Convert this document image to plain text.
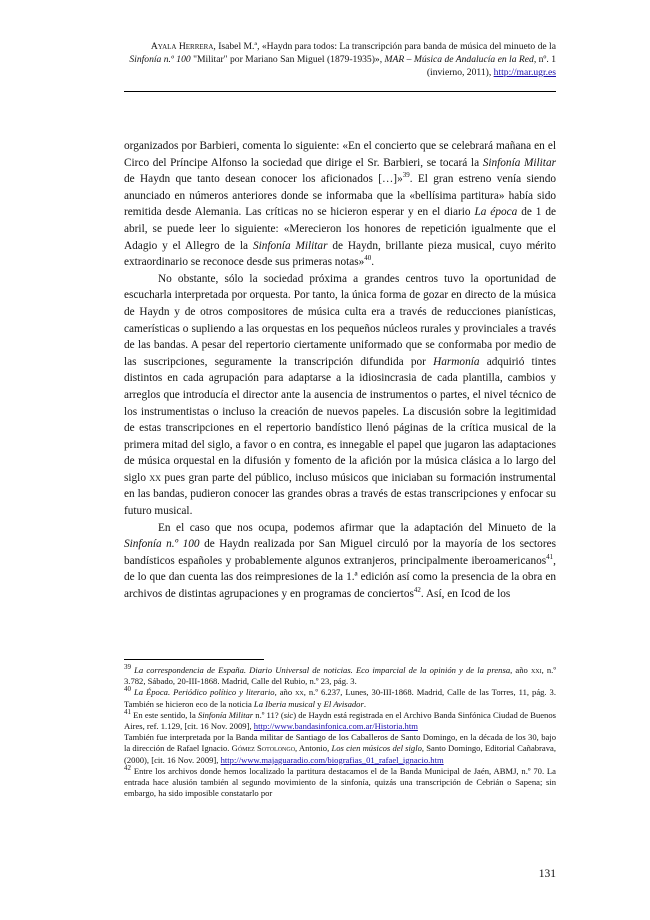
Ayala Herrera, Isabel M.ª, «Haydn para todos: La transcripción para banda de música del minueto de la Sinfonía n.º 100 "Militar" por Mariano San Miguel (1879-1935)», MAR – Música de Andalucía en la Red, nº. 1 (invierno, 2011), http://mar.ugr.es

organizados por Barbieri, comenta lo siguiente: «En el concierto que se celebrará mañana en el Circo del Príncipe Alfonso la sociedad que dirige el Sr. Barbieri, se tocará la Sinfonía Militar de Haydn que tanto desean conocer los aficionados […]»$^{39}$. El gran estreno venía siendo anunciado en números anteriores donde se informaba que la «bellísima partitura» había sido remitida desde Alemania. Las críticas no se hicieron esperar y en el diario La época de 1 de abril, se puede leer lo siguiente: «Merecieron los honores de repetición igualmente que el Adagio y el Allegro de la Sinfonía Militar de Haydn, brillante pieza musical, cuyo mérito extraordinario se reconoce desde sus primeras notas»$^{40}$.

No obstante, sólo la sociedad próxima a grandes centros tuvo la oportunidad de escucharla interpretada por orquesta. Por tanto, la única forma de gozar en directo de la música de Haydn y de otros compositores de música culta era a través de reducciones pianísticas, camerísticas o supliendo a las orquestas en los pequeños núcleos rurales y provinciales a través de las bandas. A pesar del repertorio ciertamente uniformado que se conformaba por medio de las suscripciones, seguramente la transcripción difundida por Harmonía adquirió tintes distintos en cada agrupación para adaptarse a la idiosincrasia de cada plantilla, cambios y arreglos que introducía el director ante la ausencia de instrumentos o partes, el nivel técnico de los instrumentistas o incluso la creación de nuevos papeles. La discusión sobre la legitimidad de estas transcripciones en el repertorio bandístico llenó páginas de la crítica musical de la primera mitad del siglo, a favor o en contra, es innegable el papel que jugaron las adaptaciones de música orquestal en la difusión y fomento de la afición por la música clásica a lo largo del siglo xx pues gran parte del público, incluso músicos que iniciaban su formación instrumental en las bandas, pudieron conocer las grandes obras a través de estas transcripciones y enfocar su futuro musical.

En el caso que nos ocupa, podemos afirmar que la adaptación del Minueto de la Sinfonía n.º 100 de Haydn realizada por San Miguel circuló por la mayoría de los sectores bandísticos españoles y probablemente algunos extranjeros, principalmente iberoamericanos$^{41}$, de lo que dan cuenta las dos reimpresiones de la 1.ª edición así como la presencia de la obra en archivos de distintas agrupaciones y en programas de conciertos$^{42}$. Así, en Icod de los

$^{39}$ La correspondencia de España. Diario Universal de noticias. Eco imparcial de la opinión y de la prensa, año xxi, n.º 3.782, Sábado, 20-III-1868. Madrid, Calle del Rubio, n.º 23, pág. 3.

$^{40}$ La Época. Periódico político y literario, año xx, n.º 6.237, Lunes, 30-III-1868. Madrid, Calle de las Torres, 11, pág. 3. También se hicieron eco de la noticia La Iberia musical y El Avisador.

$^{41}$ En este sentido, la Sinfonía Militar n.º 11? (sic) de Haydn está registrada en el Archivo Banda Sinfónica Ciudad de Buenos Aires, ref. 1.129, [cit. 16 Nov. 2009], http://www.bandasinfonica.com.ar/Historia.htm

También fue interpretada por la Banda militar de Santiago de los Caballeros de Santo Domingo, en la década de los 30, bajo la dirección de Rafael Ignacio. Gómez Sotolongo, Antonio, Los cien músicos del siglo, Santo Domingo, Editorial Cañabrava, (2000), [cit. 16 Nov. 2009], http://www.majaguaradio.com/biografias_01_rafael_ignacio.htm

$^{42}$ Entre los archivos donde hemos localizado la partitura destacamos el de la Banda Municipal de Jaén, ABMJ, n.º 70. La entrada hace alusión también al segundo movimiento de la sinfonía, quizás una transcripción de Cebrián o Sapena; sin embargo, ha sido imposible constatarlo por

131
